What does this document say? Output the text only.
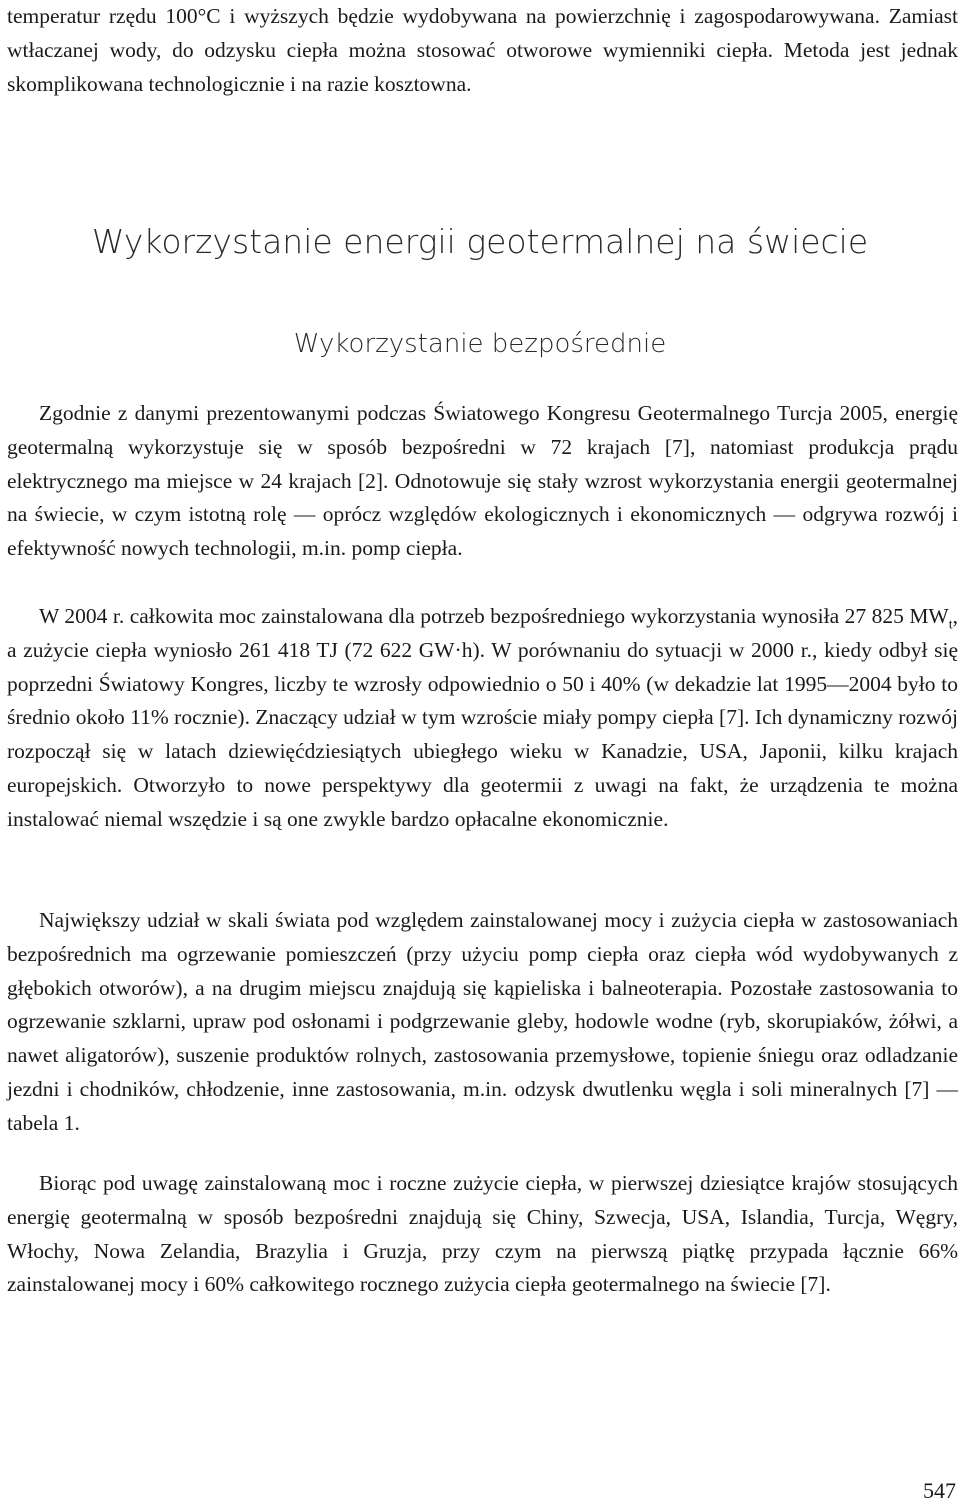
temperatur rzędu 100°C i wyższych będzie wydobywana na powierzchnię i zagospodarowywana. Zamiast wtłaczanej wody, do odzysku ciepła można stosować otworowe wymienniki ciepła. Metoda jest jednak skomplikowana technologicznie i na razie kosztowna.

Wykorzystanie energii geotermalnej na świecie
Wykorzystanie bezpośrednie

Zgodnie z danymi prezentowanymi podczas Światowego Kongresu Geotermalnego Turcja 2005, energię geotermalną wykorzystuje się w sposób bezpośredni w 72 krajach [7], natomiast produkcja prądu elektrycznego ma miejsce w 24 krajach [2]. Odnotowuje się stały wzrost wykorzystania energii geotermalnej na świecie, w czym istotną rolę — oprócz względów ekologicznych i ekonomicznych — odgrywa rozwój i efektywność nowych technologii, m.in. pomp ciepła.

W 2004 r. całkowita moc zainstalowana dla potrzeb bezpośredniego wykorzystania wynosiła 27 825 $MW_t$, a zużycie ciepła wyniosło 261 418 TJ (72 622 GW·h). W porównaniu do sytuacji w 2000 r., kiedy odbył się poprzedni Światowy Kongres, liczby te wzrosły odpowiednio o 50 i 40% (w dekadzie lat 1995—2004 było to średnio około 11% rocznie). Znaczący udział w tym wzroście miały pompy ciepła [7]. Ich dynamiczny rozwój rozpoczął się w latach dziewięćdziesiątych ubiegłego wieku w Kanadzie, USA, Japonii, kilku krajach europejskich. Otworzyło to nowe perspektywy dla geotermii z uwagi na fakt, że urządzenia te można instalować niemal wszędzie i są one zwykle bardzo opłacalne ekonomicznie.

Największy udział w skali świata pod względem zainstalowanej mocy i zużycia ciepła w zastosowaniach bezpośrednich ma ogrzewanie pomieszczeń (przy użyciu pomp ciepła oraz ciepła wód wydobywanych z głębokich otworów), a na drugim miejscu znajdują się kąpieliska i balneoterapia. Pozostałe zastosowania to ogrzewanie szklarni, upraw pod osłonami i podgrzewanie gleby, hodowle wodne (ryb, skorupiaków, żółwi, a nawet aligatorów), suszenie produktów rolnych, zastosowania przemysłowe, topienie śniegu oraz odladzanie jezdni i chodników, chłodzenie, inne zastosowania, m.in. odzysk dwutlenku węgla i soli mineralnych [7] — tabela 1.

Biorąc pod uwagę zainstalowaną moc i roczne zużycie ciepła, w pierwszej dziesiątce krajów stosujących energię geotermalną w sposób bezpośredni znajdują się Chiny, Szwecja, USA, Islandia, Turcja, Węgry, Włochy, Nowa Zelandia, Brazylia i Gruzja, przy czym na pierwszą piątkę przypada łącznie 66% zainstalowanej mocy i 60% całkowitego rocznego zużycia ciepła geotermalnego na świecie [7].

547
